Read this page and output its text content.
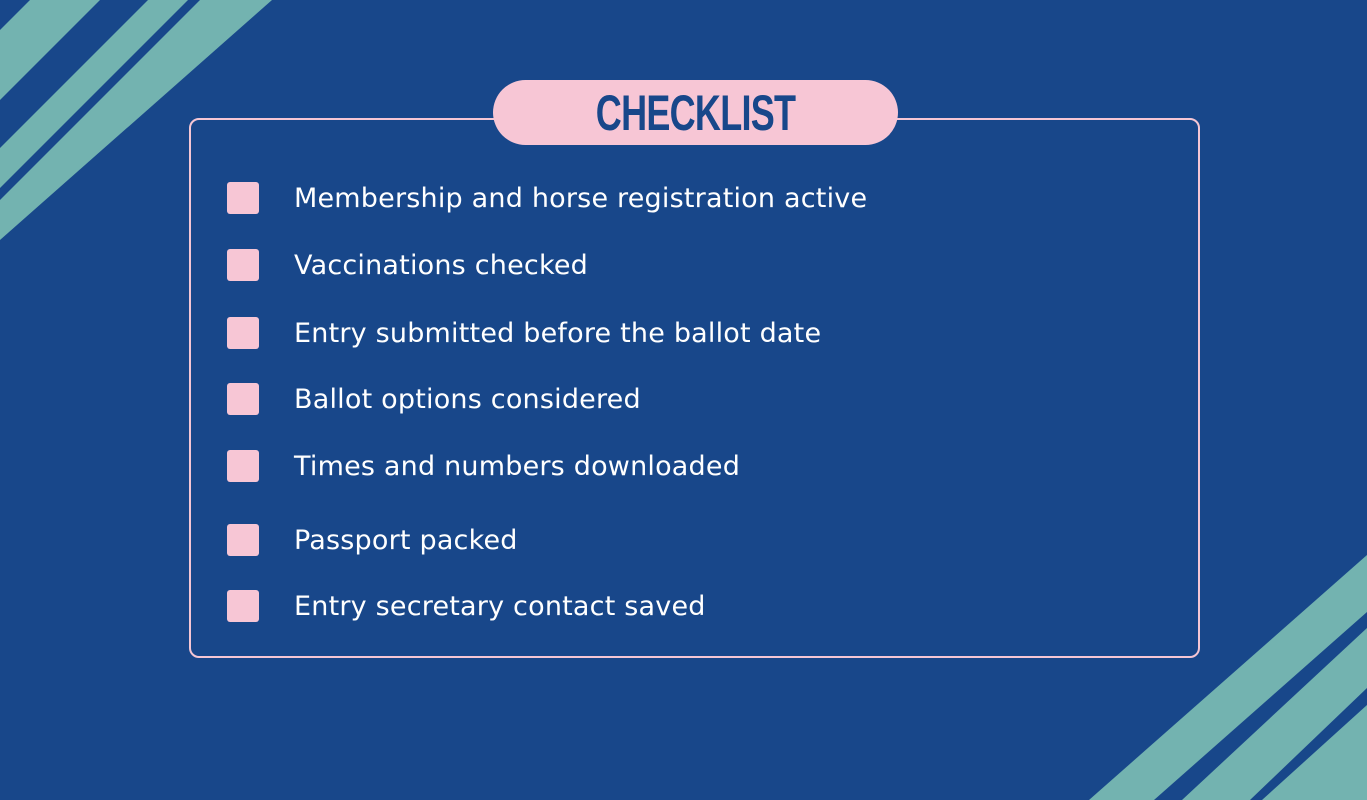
CHECKLIST
Membership and horse registration active
Vaccinations checked
Entry submitted before the ballot date
Ballot options considered
Times and numbers downloaded
Passport packed
Entry secretary contact saved
